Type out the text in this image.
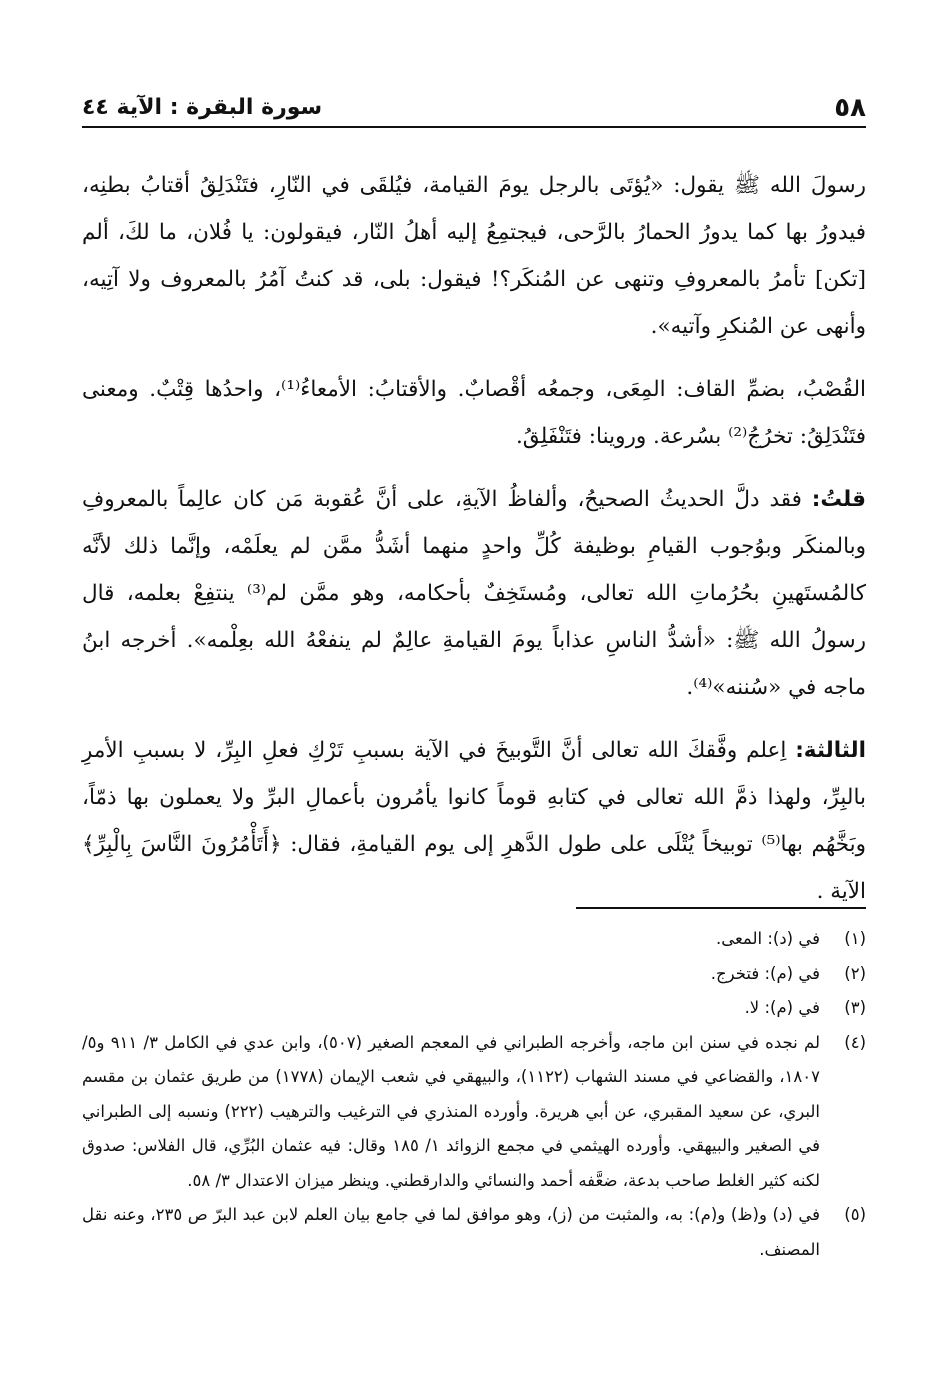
٥٨
سورة البقرة : الآية ٤٤

رسولَ الله ﷺ يقول: «يُؤتَى بالرجل يومَ القيامة، فيُلقَى في النّارِ، فتَنْدَلِقُ أقتابُ بطنِه، فيدورُ بها كما يدورُ الحمارُ بالرَّحى، فيجتمِعُ إليه أهلُ النّار، فيقولون: يا فُلان، ما لكَ، ألم [تكن] تأمرُ بالمعروفِ وتنهى عن المُنكَر؟! فيقول: بلى، قد كنتُ آمُرُ بالمعروف ولا آتِيه، وأنهى عن المُنكرِ وآتيه».

القُصْبُ، بضمِّ القاف: المِعَى، وجمعُه أقْصابٌ. والأقتابُ: الأمعاءُ⁽¹⁾، واحدُها قِتْبٌ. ومعنى فتَنْدَلِقُ: تخرُجُ⁽²⁾ بسُرعة. وروينا: فتَنْفَلِقُ.

قلتُ: فقد دلَّ الحديثُ الصحيحُ، وألفاظُ الآيةِ، على أنَّ عُقوبة مَن كان عالِماً بالمعروفِ وبالمنكَر وبوُجوب القيامِ بوظيفة كُلِّ واحدٍ منهما أشَدُّ ممَّن لم يعلَمْه، وإنَّما ذلك لأنَّه كالمُستَهينِ بحُرُماتِ الله تعالى، ومُستَخِفٌ بأحكامه، وهو ممَّن لم⁽³⁾ ينتفِعْ بعلمه، قال رسولُ الله ﷺ: «أشدُّ الناسِ عذاباً يومَ القيامةِ عالِمٌ لم ينفعْهُ الله بعِلْمه». أخرجه ابنُ ماجه في «سُننه»⁽⁴⁾.

الثالثة: اِعلم وفَّقكَ الله تعالى أنَّ التَّوبيخَ في الآية بسببِ تَرْكِ فعلِ البِرِّ، لا بسببِ الأمرِ بالبِرِّ، ولهذا ذمَّ الله تعالى في كتابهِ قوماً كانوا يأمُرون بأعمالِ البرِّ ولا يعملون بها ذمّاً، وبَخَّهُم بها⁽⁵⁾ توبيخاً يُتْلَى على طول الدَّهرِ إلى يوم القيامةِ، فقال: ﴿أَتَأْمُرُونَ النَّاسَ بِالْبِرِّ﴾ الآية .

(١)
في (د): المعى.
(٢)
في (م): فتخرج.
(٣)
في (م): لا.
(٤)
لم نجده في سنن ابن ماجه، وأخرجه الطبراني في المعجم الصغير (٥٠٧)، وابن عدي في الكامل ٣/ ٩١١ و٥/ ١٨٠٧، والقضاعي في مسند الشهاب (١١٢٢)، والبيهقي في شعب الإيمان (١٧٧٨) من طريق عثمان بن مقسم البري، عن سعيد المقبري، عن أبي هريرة. وأورده المنذري في الترغيب والترهيب (٢٢٢) ونسبه إلى الطبراني في الصغير والبيهقي. وأورده الهيثمي في مجمع الزوائد ١/ ١٨٥ وقال: فيه عثمان البُرِّي، قال الفلاس: صدوق لكنه كثير الغلط صاحب بدعة، ضعَّفه أحمد والنسائي والدارقطني. وينظر ميزان الاعتدال ٣/ ٥٨.
(٥)
في (د) و(ظ) و(م): به، والمثبت من (ز)، وهو موافق لما في جامع بيان العلم لابن عبد البرّ ص ٢٣٥، وعنه نقل المصنف.
